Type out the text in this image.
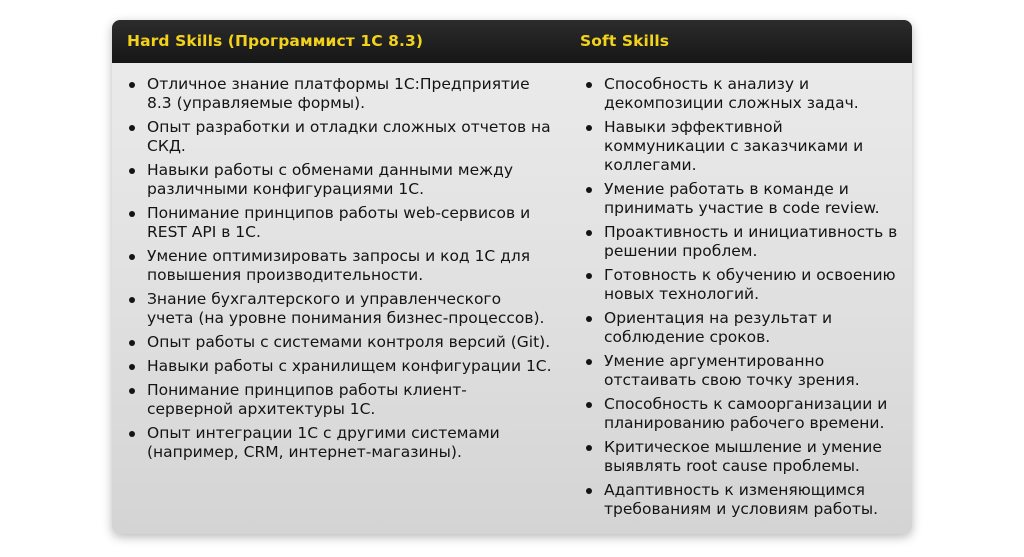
Hard Skills (Программист 1С 8.3)	Soft Skills
Отличное знание платформы 1С:Предприятие 8.3 (управляемые формы).
Опыт разработки и отладки сложных отчетов на СКД.
Навыки работы с обменами данными между различными конфигурациями 1С.
Понимание принципов работы web-сервисов и REST API в 1С.
Умение оптимизировать запросы и код 1С для повышения производительности.
Знание бухгалтерского и управленческого учета (на уровне понимания бизнес-процессов).
Опыт работы с системами контроля версий (Git).
Навыки работы с хранилищем конфигурации 1С.
Понимание принципов работы клиент-серверной архитектуры 1С.
Опыт интеграции 1С с другими системами (например, CRM, интернет-магазины).
Способность к анализу и декомпозиции сложных задач.
Навыки эффективной коммуникации с заказчиками и коллегами.
Умение работать в команде и принимать участие в code review.
Проактивность и инициативность в решении проблем.
Готовность к обучению и освоению новых технологий.
Ориентация на результат и соблюдение сроков.
Умение аргументированно отстаивать свою точку зрения.
Способность к самоорганизации и планированию рабочего времени.
Критическое мышление и умение выявлять root cause проблемы.
Адаптивность к изменяющимся требованиям и условиям работы.
